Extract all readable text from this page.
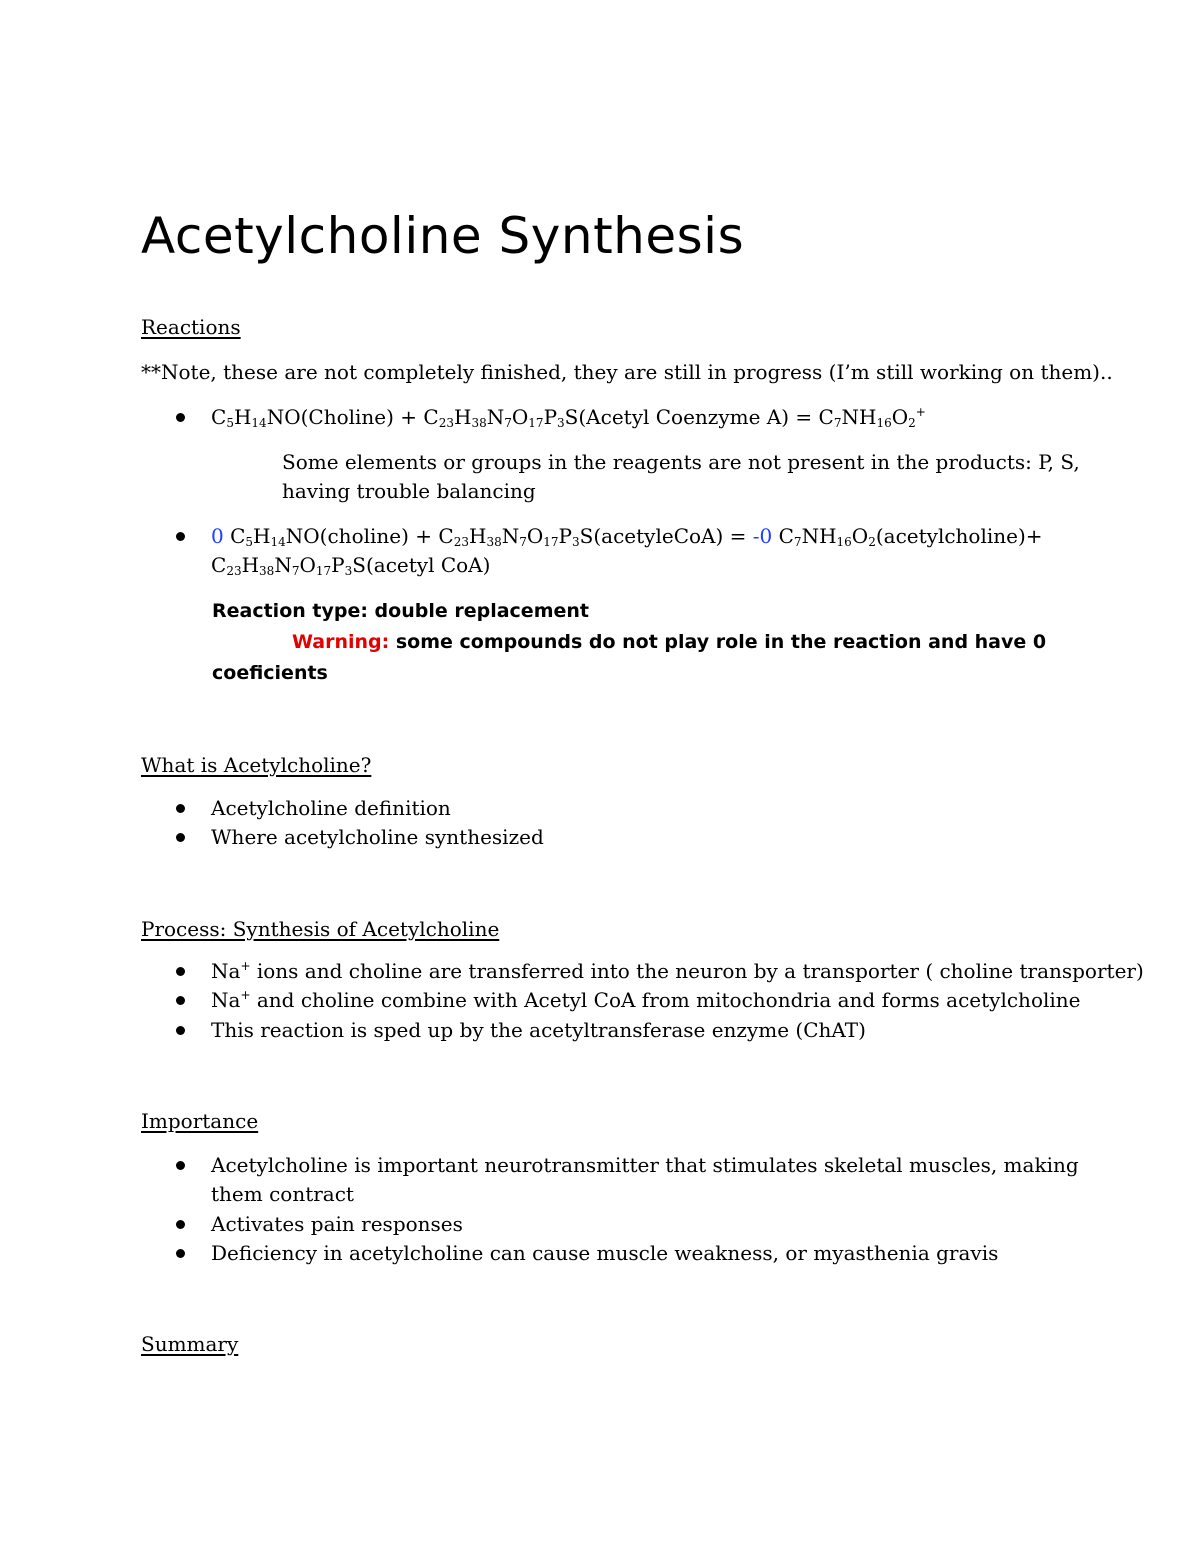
Acetylcholine Synthesis

Reactions

**Note, these are not completely finished, they are still in progress (I’m still working on them)..

$C_5H_{14}NO(Choline)$ + $C_{23}H_{38}N_7O_{17}P_3S(Acetyl$ Coenzyme $A) = C_7NH_{16}O_2^+$

Some elements or groups in the reagents are not present in the products: P, S,

having trouble balancing

0 $C_5H_{14}NO(choline)$ + $C_{23}H_{38}N_7O_{17}P_3S(acetyleCoA) = -0$ $C_7NH_{16}O_2(acetylcholine)+$

$C_{23}H_{38}N_7O_{17}P_3S(acetyl$ CoA)

Reaction type: double replacement

Warning: some compounds do not play role in the reaction and have 0

coeficients

What is Acetylcholine?

Acetylcholine definition

Where acetylcholine synthesized

Process: Synthesis of Acetylcholine

Na+ ions and choline are transferred into the neuron by a transporter ( choline transporter)

Na+ and choline combine with Acetyl CoA from mitochondria and forms acetylcholine

This reaction is sped up by the acetyltransferase enzyme (ChAT)

Importance

Acetylcholine is important neurotransmitter that stimulates skeletal muscles, making

them contract

Activates pain responses

Deficiency in acetylcholine can cause muscle weakness, or myasthenia gravis

Summary
